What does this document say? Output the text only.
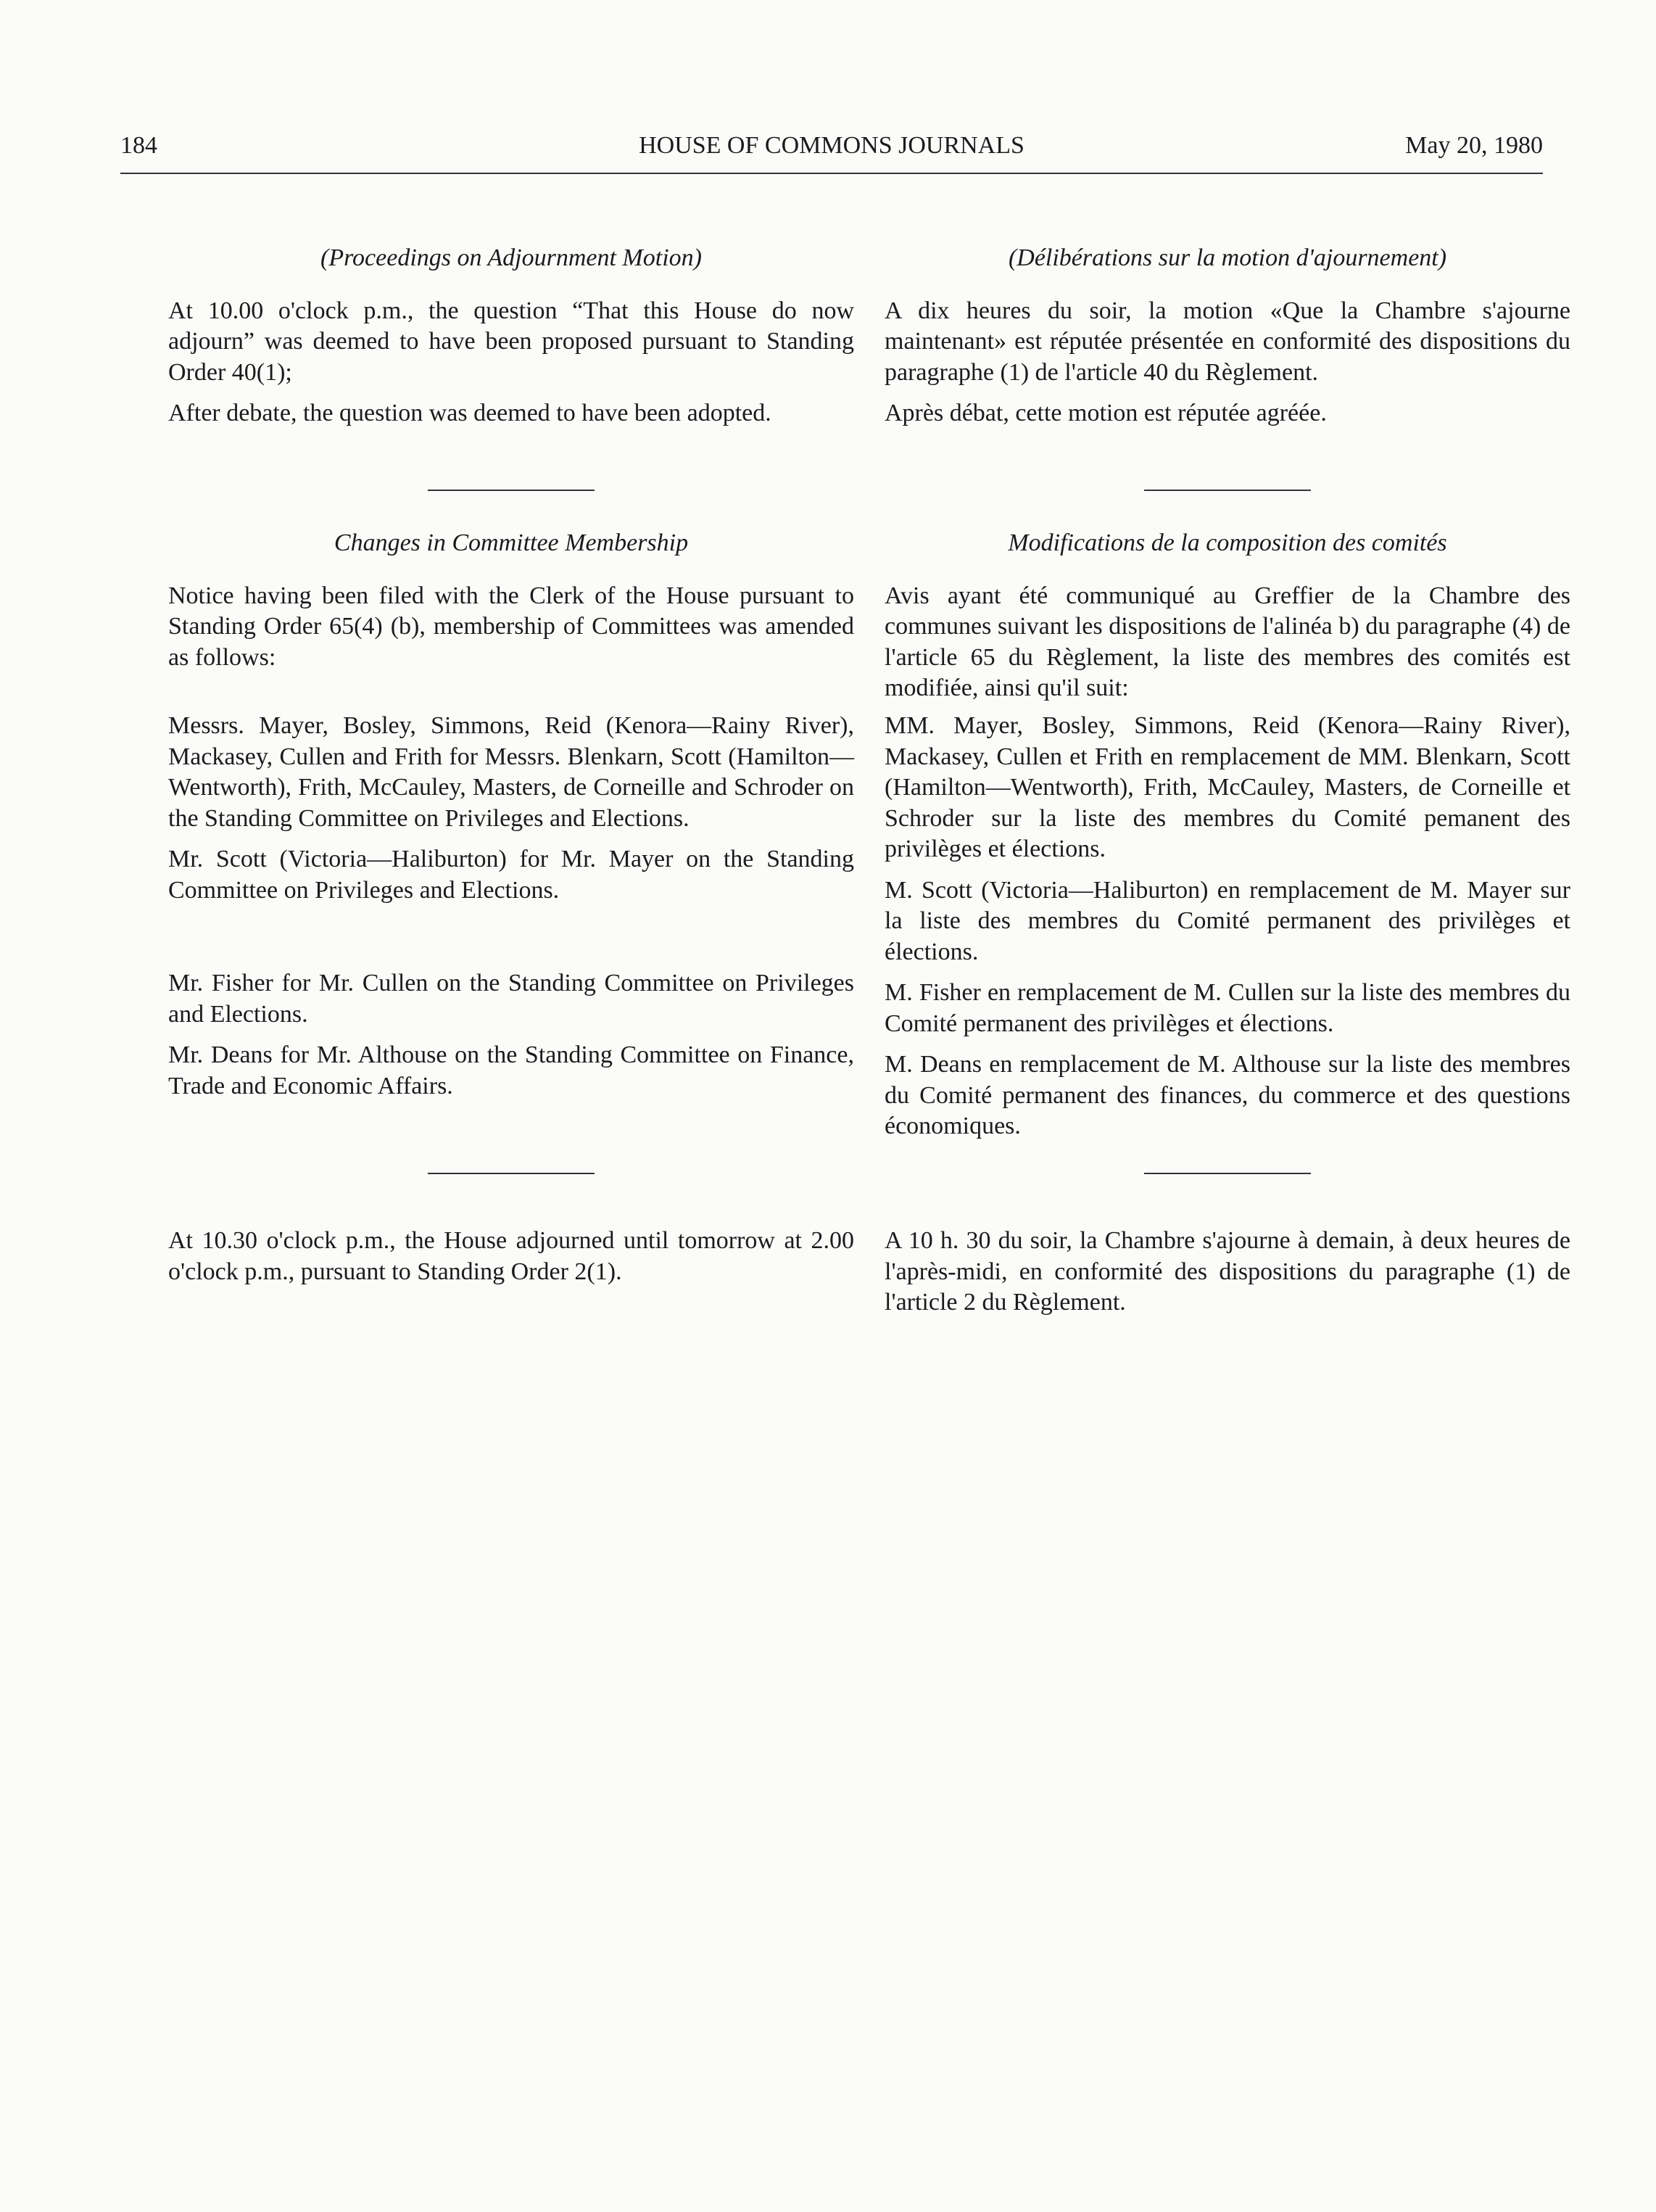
184	HOUSE OF COMMONS JOURNALS	May 20, 1980

(Proceedings on Adjournment Motion)

At 10.00 o'clock p.m., the question “That this House do now adjourn” was deemed to have been proposed pursuant to Standing Order 40(1);

After debate, the question was deemed to have been adopted.

Changes in Committee Membership

Notice having been filed with the Clerk of the House pursuant to Standing Order 65(4) (b), membership of Committees was amended as follows:

Messrs. Mayer, Bosley, Simmons, Reid (Kenora—Rainy River), Mackasey, Cullen and Frith for Messrs. Blenkarn, Scott (Hamilton—Wentworth), Frith, McCauley, Masters, de Corneille and Schroder on the Standing Committee on Privileges and Elections.

Mr. Scott (Victoria—Haliburton) for Mr. Mayer on the Standing Committee on Privileges and Elections.

Mr. Fisher for Mr. Cullen on the Standing Committee on Privileges and Elections.

Mr. Deans for Mr. Althouse on the Standing Committee on Finance, Trade and Economic Affairs.

At 10.30 o'clock p.m., the House adjourned until tomorrow at 2.00 o'clock p.m., pursuant to Standing Order 2(1).

(Délibérations sur la motion d'ajournement)

A dix heures du soir, la motion «Que la Chambre s'ajourne maintenant» est réputée présentée en conformité des dispositions du paragraphe (1) de l'article 40 du Règlement.

Après débat, cette motion est réputée agréée.

Modifications de la composition des comités

Avis ayant été communiqué au Greffier de la Chambre des communes suivant les dispositions de l'alinéa b) du paragraphe (4) de l'article 65 du Règlement, la liste des membres des comités est modifiée, ainsi qu'il suit:

MM. Mayer, Bosley, Simmons, Reid (Kenora—Rainy River), Mackasey, Cullen et Frith en remplacement de MM. Blenkarn, Scott (Hamilton—Wentworth), Frith, McCauley, Masters, de Corneille et Schroder sur la liste des membres du Comité pemanent des privilèges et élections.

M. Scott (Victoria—Haliburton) en remplacement de M. Mayer sur la liste des membres du Comité permanent des privilèges et élections.

M. Fisher en remplacement de M. Cullen sur la liste des membres du Comité permanent des privilèges et élections.

M. Deans en remplacement de M. Althouse sur la liste des membres du Comité permanent des finances, du commerce et des questions économiques.

A 10 h. 30 du soir, la Chambre s'ajourne à demain, à deux heures de l'après-midi, en conformité des dispositions du paragraphe (1) de l'article 2 du Règlement.
